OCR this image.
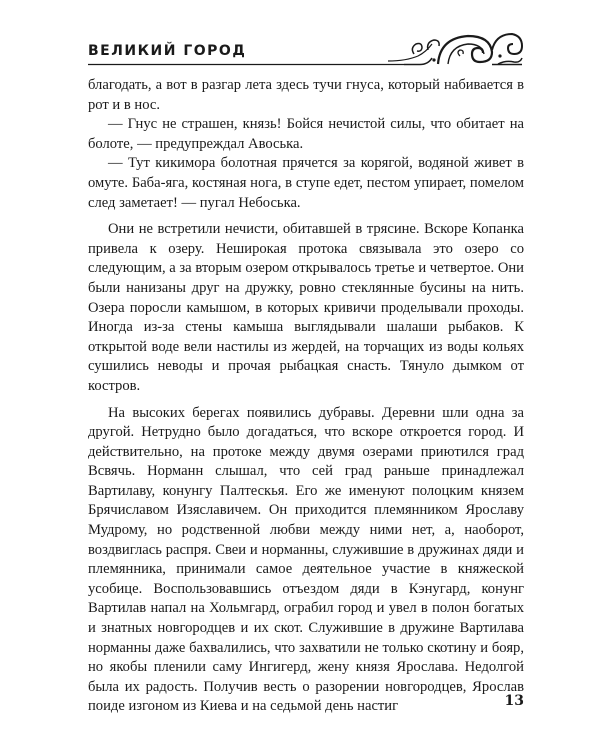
ВЕЛИКИЙ ГОРОД

благодать, а вот в разгар лета здесь тучи гнуса, который набивается в рот и в нос.

— Гнус не страшен, князь! Бойся нечистой силы, что обитает на болоте, — предупреждал Авоська.

— Тут кикимора болотная прячется за корягой, водяной живет в омуте. Баба-яга, костяная нога, в ступе едет, пестом упирает, помелом след заметает! — пугал Небоська.

Они не встретили нечисти, обитавшей в трясине. Вскоре Копанка привела к озеру. Неширокая протока связывала это озеро со следующим, а за вторым озером открывалось третье и четвертое. Они были нанизаны друг на дружку, ровно стеклянные бусины на нить. Озера поросли камышом, в которых кривичи проделывали проходы. Иногда из-за стены камыша выглядывали шалаши рыбаков. К открытой воде вели настилы из жердей, на торчащих из воды кольях сушились неводы и прочая рыбацкая снасть. Тянуло дымком от костров.

На высоких берегах появились дубравы. Деревни шли одна за другой. Нетрудно было догадаться, что вскоре откроется город. И действительно, на протоке между двумя озерами приютился град Всвячь. Норманн слышал, что сей град раньше принадлежал Вартилаву, конунгу Палтескья. Его же именуют полоцким князем Брячиславом Изяславичем. Он приходится племянником Ярославу Мудрому, но родственной любви между ними нет, а, наоборот, воздвиглась распря. Свеи и норманны, служившие в дружинах дяди и племянника, принимали самое деятельное участие в княжеской усобице. Воспользовавшись отъездом дяди в Кэнугард, конунг Вартилав напал на Хольмгард, ограбил город и увел в полон богатых и знатных новгородцев и их скот. Служившие в дружине Вартилава норманны даже бахвалились, что захватили не только скотину и бояр, но якобы пленили саму Ингигерд, жену князя Ярослава. Недолгой была их радость. Получив весть о разорении новгородцев, Ярослав поиде изгоном из Киева и на седьмой день настиг	13
